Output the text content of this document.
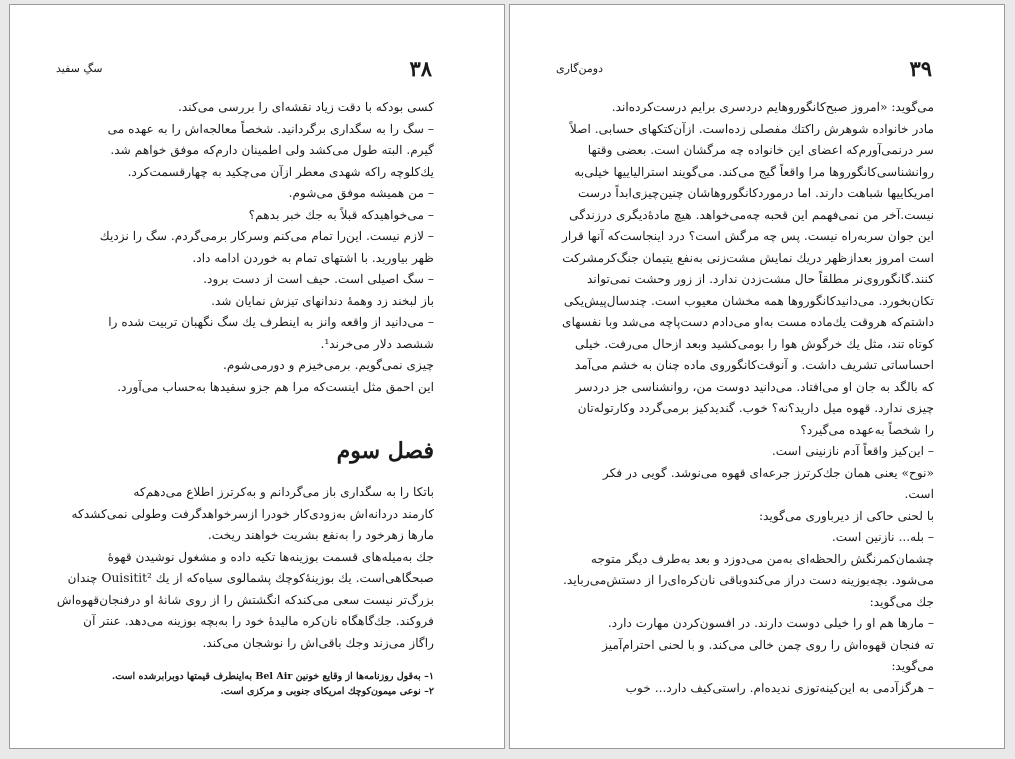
۳۸
سگِ سفید
کسی بودکه با دقت زیاد نقشه‌ای را بررسی می‌کند.
– سگ را به سگداری برگردانید. شخصاً معالجه‌اش را به عهده می‌
گیرم. البته طول می‌کشد ولی اطمینان دارم‌که موفق خواهم شد.
یك‌کلوچه راکه شهدی معطر ازآن می‌چکید به چهارقسمت‌کرد.
– من همیشه موفق می‌شوم.
– می‌خواهیدکه قبلاً به جك خبر بدهم؟
– لازم نیست. این‌را تمام می‌کنم وسرکار برمی‌گردم. سگ را نزدیك
ظهر بیاورید. با اشتهای تمام به خوردن ادامه داد.
– سگ اصیلی است. حیف است از دست برود.
باز لبخند زد وهمهٔ دندانهای تیزش نمایان شد.
– می‌دانید از واقعه وانز به اینطرف یك سگ نگهبان تربیت شده را
ششصد دلار می‌خرند¹.
چیزی نمی‌گویم. برمی‌خیزم و دورمی‌شوم.
این احمق مثل اینست‌که مرا هم جزو سفیدها به‌حساب می‌آورد.
فصل سوم
باتکا را به سگداری باز می‌گردانم و به‌کرترز اطلاع می‌دهم‌که
کارمند دردانه‌اش به‌زودی‌کار خودرا ازسرخواهدگرفت وطولی نمی‌کشدکه
مارها زهرخود را به‌نفع بشریت خواهند ریخت.
جك به‌میله‌های قسمت بوزینه‌ها تکیه داده و مشغول نوشیدن قهوهٔ
صبحگاهی‌است. یك بوزینهٔ‌کوچك پشمالوی سیاه‌که از یك Ouisitit² چندان
بزرگ‌تر نیست سعی می‌کندکه انگشتش را از روی شانهٔ او درفنجان‌قهوه‌اش
فروکند. جك‌گاهگاه نان‌کره مالیدهٔ خود را به‌بچه بوزینه می‌دهد. عنتر آن
راگاز می‌زند وجك باقی‌اش را نوشجان می‌کند.
۱– به‌قول روزنامه‌ها از وقایع خونین Bel Air به‌اینطرف قیمتها دوبرابرشده است.
۲– نوعی میمون‌کوچك امریکای جنوبی و مرکزی است.
۳۹
دومن‌گاری
می‌گوید: «امروز صبح‌کانگوروهایم دردسری برایم درست‌کرده‌اند.
مادر خانواده شوهرش راکتك مفصلی زده‌است. ازآن‌کتکهای حسابی. اصلاً
سر درنمی‌آورم‌که اعضای این خانواده چه مرگشان است. بعضی وقتها
روانشناسی‌کانگوروها مرا واقعاً گیج می‌کند. می‌گویند استرالیاییها خیلی‌به
امریکاییها شباهت دارند. اما درمورد‌کانگوروهاشان چنین‌چیزی‌ابداً درست
نیست.آخر من نمی‌فهمم این قحبه چه‌می‌خواهد. هیچ مادهٔ‌دیگری درزندگی
این جوان سربه‌راه نیست. پس چه مرگش است؟ درد اینجاست‌که آنها قرار
است امروز بعدازظهر دریك نمایش مشت‌زنی به‌نفع یتیمان جنگ‌کرمشرکت
کنند.گانگوروی‌نر مطلقاً حال مشت‌زدن ندارد. از زور وحشت نمی‌تواند
تکان‌بخورد. می‌دانیدکانگوروها همه مخشان معیوب است. چندسال‌پیش‌یکی
داشتم‌که هروقت یك‌ماده مست به‌او می‌دادم دست‌پاچه می‌شد وبا نفسهای
کوتاه تند، مثل یك خرگوش هوا را بومی‌کشید وبعد ازحال می‌رفت. خیلی
احساساتی تشریف داشت. و آنوقت‌کانگوروی ماده چنان به خشم می‌آمد
که بالگد به جان او می‌افتاد. می‌دانید دوست من، روانشناسی جز دردسر
چیزی ندارد. قهوه میل دارید؟نه؟ خوب. گندیدکیز برمی‌گردد وکارتوله‌تان
را شخصاً به‌عهده می‌گیرد؟
– این‌کیز واقعاً آدم نازنینی است.
«نوح» یعنی همان جك‌کرترز جرعه‌ای قهوه می‌نوشد. گویی در فکر
است.
با لحنی حاکی از دیرباوری می‌گوید:
– بله... نازنین است.
چشمان‌کمرنگش رالحظه‌ای به‌من می‌دوزد و بعد به‌طرف دیگر متوجه
می‌شود. بچه‌بوزینه دست دراز می‌کندوباقی نان‌کره‌ای‌را از دستش‌می‌رباید.
جك می‌گوید:
– مارها هم او را خیلی دوست دارند. در افسون‌کردن مهارت دارد.
ته فنجان قهوه‌اش را روی چمن خالی می‌کند. و با لحنی احترام‌آمیز
می‌گوید:
– هرگزآدمی به این‌کینه‌توزی ندیده‌ام. راستی‌کیف دارد... خوب
